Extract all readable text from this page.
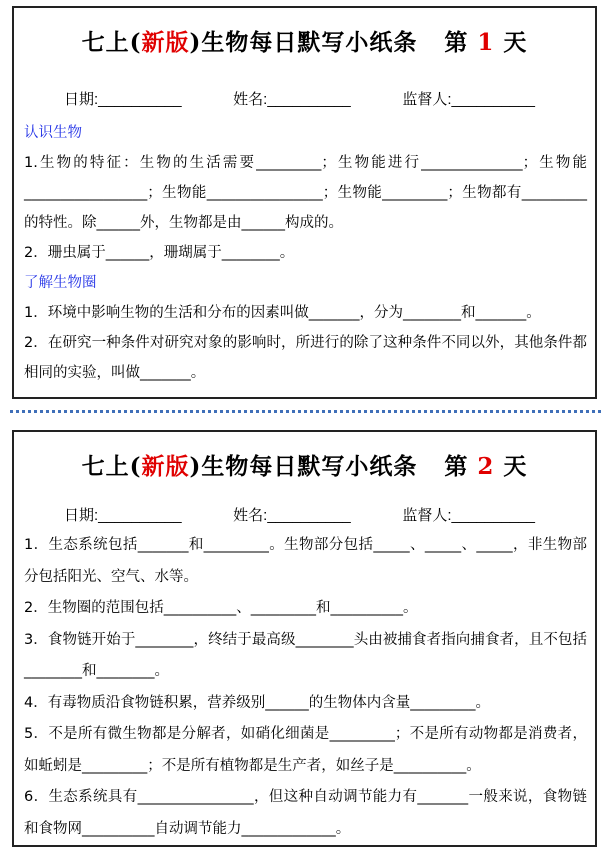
七上(新版)生物每日默写小纸条 第 1 天
日期:__________	姓名:__________	监督人:__________

认识生物

1.生物的特征：生物的生活需要_________；生物能进行______________；生物能_________________；生物能________________；生物能_________；生物都有_________的特性。除______外，生物都是由______构成的。

2．珊虫属于______，珊瑚属于________。

了解生物圈

1．环境中影响生物的生活和分布的因素叫做_______，分为________和_______。

2．在研究一种条件对研究对象的影响时，所进行的除了这种条件不同以外，其他条件都相同的实验，叫做_______。

七上(新版)生物每日默写小纸条 第 2 天
日期:__________	姓名:__________	监督人:__________

1．生态系统包括_______和_________。生物部分包括_____、_____、_____，非生物部分包括阳光、空气、水等。

2．生物圈的范围包括__________、_________和__________。

3．食物链开始于________，终结于最高级________头由被捕食者指向捕食者，且不包括________和________。

4．有毒物质沿食物链积累，营养级别______的生物体内含量_________。

5．不是所有微生物都是分解者，如硝化细菌是_________；不是所有动物都是消费者，如蚯蚓是_________；不是所有植物都是生产者，如丝子是__________。

6．生态系统具有________________，但这种自动调节能力有_______一般来说，食物链和食物网__________自动调节能力_____________。
